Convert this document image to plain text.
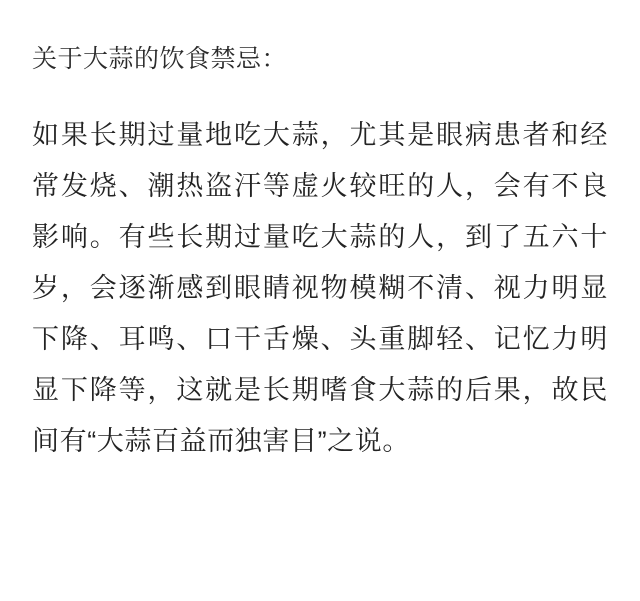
关于大蒜的饮食禁忌：

如果长期过量地吃大蒜，尤其是眼病患者和经常发烧、潮热盗汗等虚火较旺的人，会有不良影响。有些长期过量吃大蒜的人，到了五六十岁，会逐渐感到眼睛视物模糊不清、视力明显下降、耳鸣、口干舌燥、头重脚轻、记忆力明显下降等，这就是长期嗜食大蒜的后果，故民间有“大蒜百益而独害目”之说。
